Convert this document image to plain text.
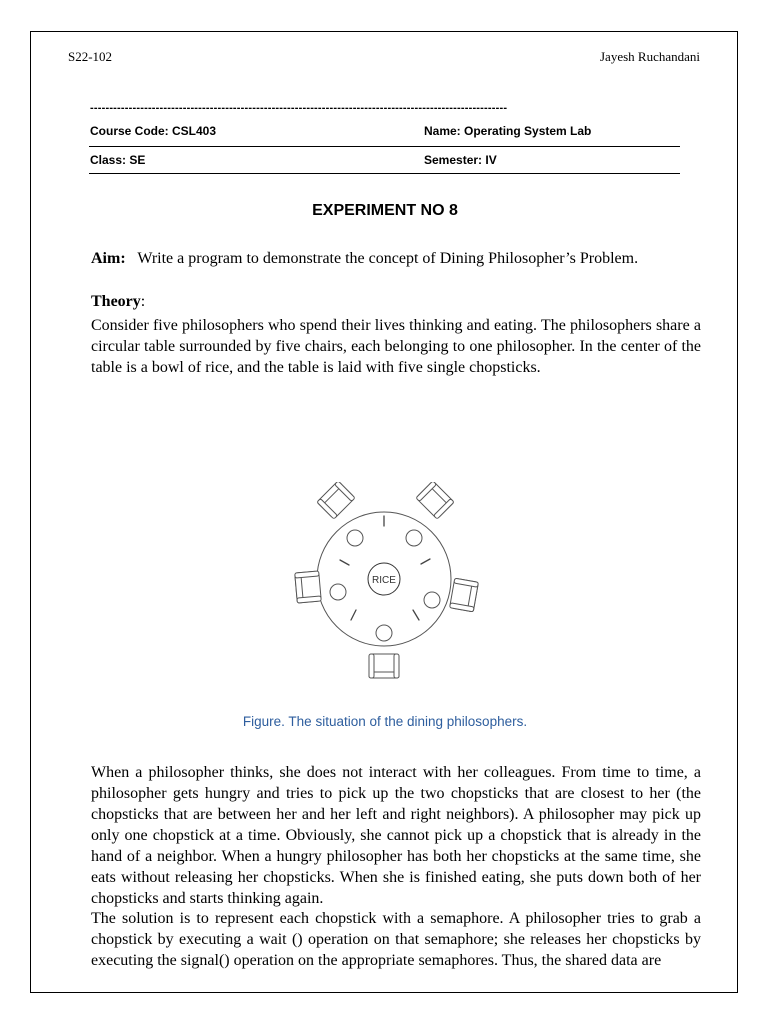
S22-102	Jayesh Ruchandani
------------------------------------------------------------------------------------------------------------
Course Code: CSL403	Name: Operating System Lab
Class: SE	Semester: IV
EXPERIMENT NO 8
Aim: Write a program to demonstrate the concept of Dining Philosopher’s Problem.
Theory:

Consider five philosophers who spend their lives thinking and eating. The philosophers share a circular table surrounded by five chairs, each belonging to one philosopher. In the center of the table is a bowl of rice, and the table is laid with five single chopsticks.

RICE
Figure. The situation of the dining philosophers.

When a philosopher thinks, she does not interact with her colleagues. From time to time, a philosopher gets hungry and tries to pick up the two chopsticks that are closest to her (the chopsticks that are between her and her left and right neighbors). A philosopher may pick up only one chopstick at a time. Obviously, she cannot pick up a chopstick that is already in the hand of a neighbor. When a hungry philosopher has both her chopsticks at the same time, she eats without releasing her chopsticks. When she is finished eating, she puts down both of her chopsticks and starts thinking again.

The solution is to represent each chopstick with a semaphore. A philosopher tries to grab a chopstick by executing a wait () operation on that semaphore; she releases her chopsticks by executing the signal() operation on the appropriate semaphores. Thus, the shared data are
